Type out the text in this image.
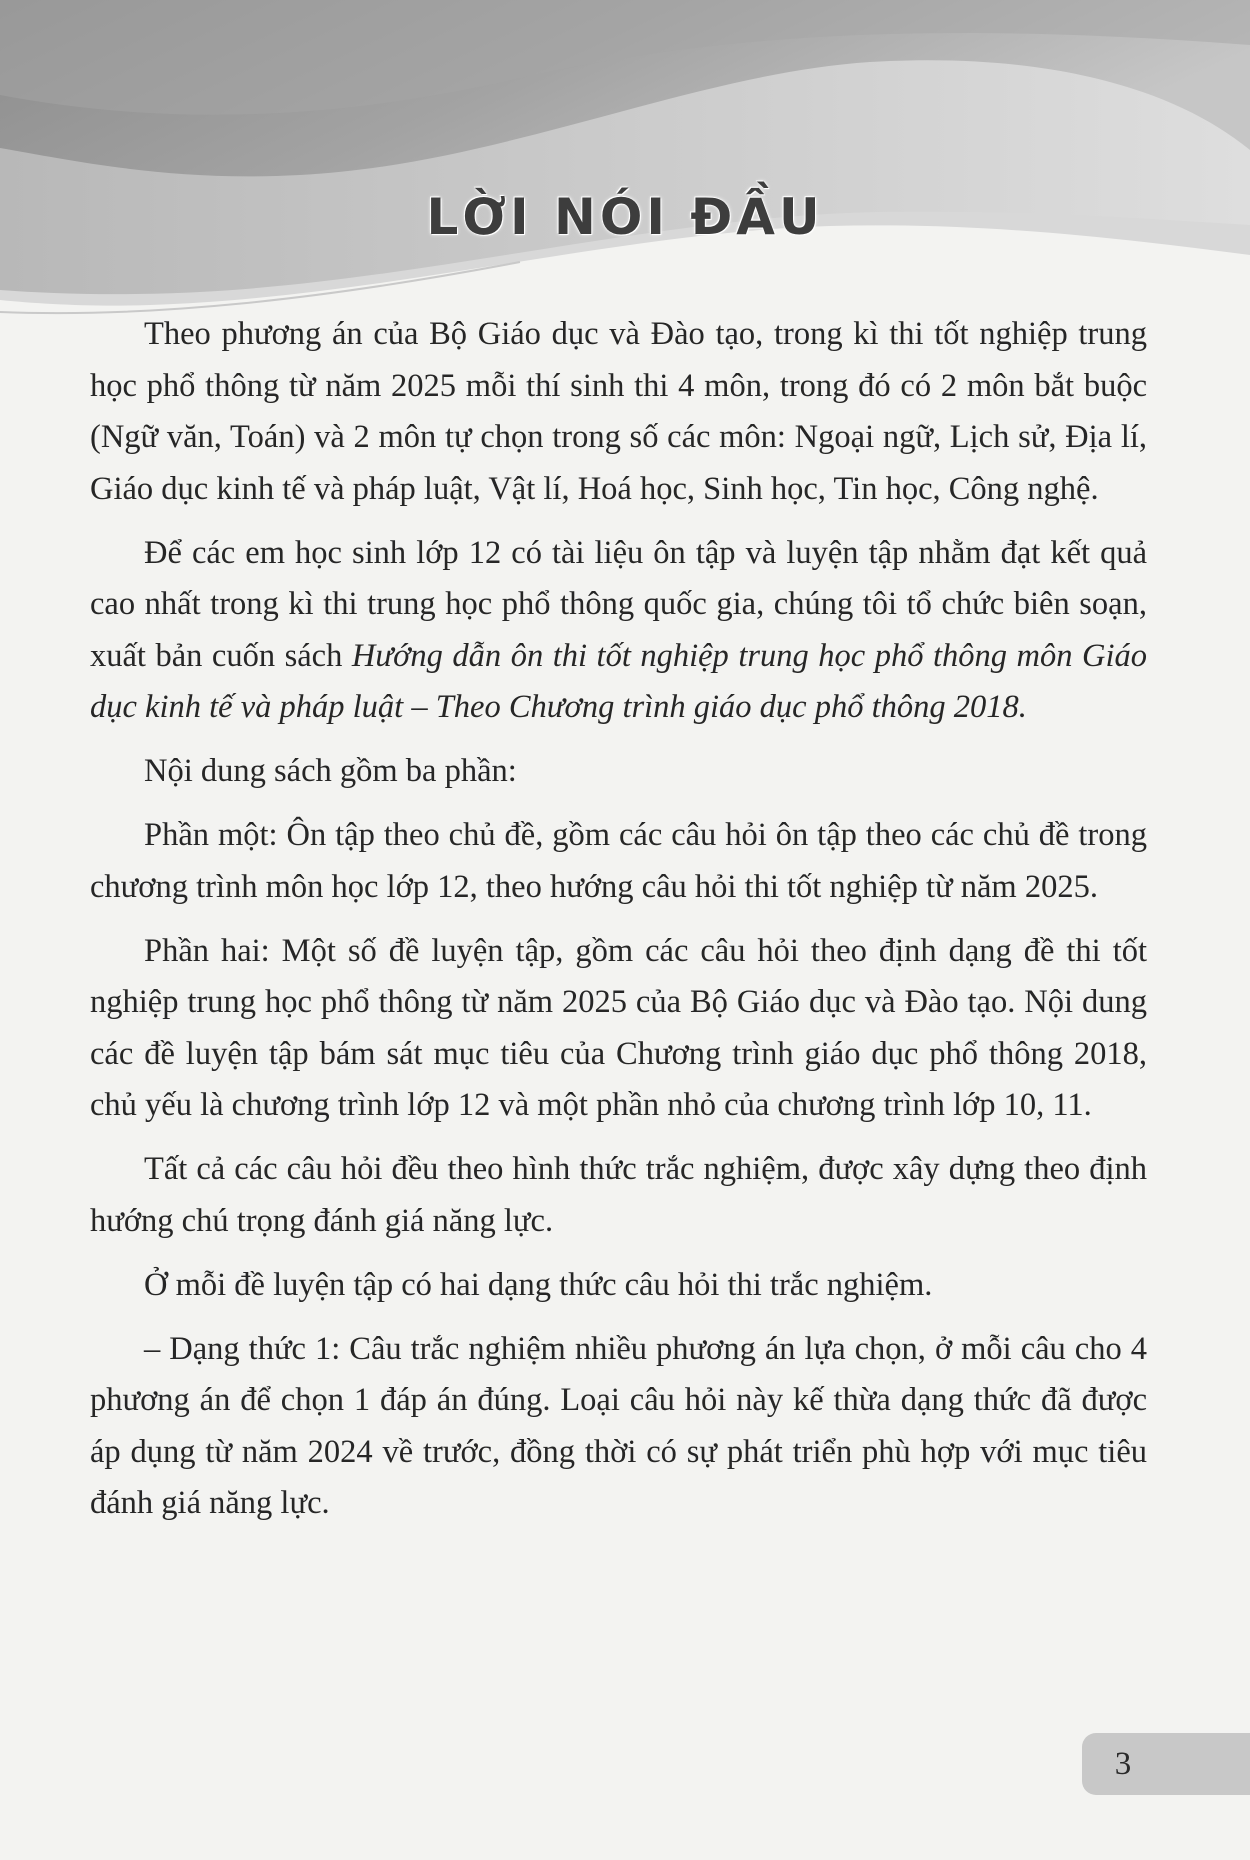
LỜI NÓI ĐẦU

Theo phương án của Bộ Giáo dục và Đào tạo, trong kì thi tốt nghiệp trung học phổ thông từ năm 2025 mỗi thí sinh thi 4 môn, trong đó có 2 môn bắt buộc (Ngữ văn, Toán) và 2 môn tự chọn trong số các môn: Ngoại ngữ, Lịch sử, Địa lí, Giáo dục kinh tế và pháp luật, Vật lí, Hoá học, Sinh học, Tin học, Công nghệ.

Để các em học sinh lớp 12 có tài liệu ôn tập và luyện tập nhằm đạt kết quả cao nhất trong kì thi trung học phổ thông quốc gia, chúng tôi tổ chức biên soạn, xuất bản cuốn sách Hướng dẫn ôn thi tốt nghiệp trung học phổ thông môn Giáo dục kinh tế và pháp luật – Theo Chương trình giáo dục phổ thông 2018.

Nội dung sách gồm ba phần:

Phần một: Ôn tập theo chủ đề, gồm các câu hỏi ôn tập theo các chủ đề trong chương trình môn học lớp 12, theo hướng câu hỏi thi tốt nghiệp từ năm 2025.

Phần hai: Một số đề luyện tập, gồm các câu hỏi theo định dạng đề thi tốt nghiệp trung học phổ thông từ năm 2025 của Bộ Giáo dục và Đào tạo. Nội dung các đề luyện tập bám sát mục tiêu của Chương trình giáo dục phổ thông 2018, chủ yếu là chương trình lớp 12 và một phần nhỏ của chương trình lớp 10, 11.

Tất cả các câu hỏi đều theo hình thức trắc nghiệm, được xây dựng theo định hướng chú trọng đánh giá năng lực.

Ở mỗi đề luyện tập có hai dạng thức câu hỏi thi trắc nghiệm.

– Dạng thức 1: Câu trắc nghiệm nhiều phương án lựa chọn, ở mỗi câu cho 4 phương án để chọn 1 đáp án đúng. Loại câu hỏi này kế thừa dạng thức đã được áp dụng từ năm 2024 về trước, đồng thời có sự phát triển phù hợp với mục tiêu đánh giá năng lực.

3
